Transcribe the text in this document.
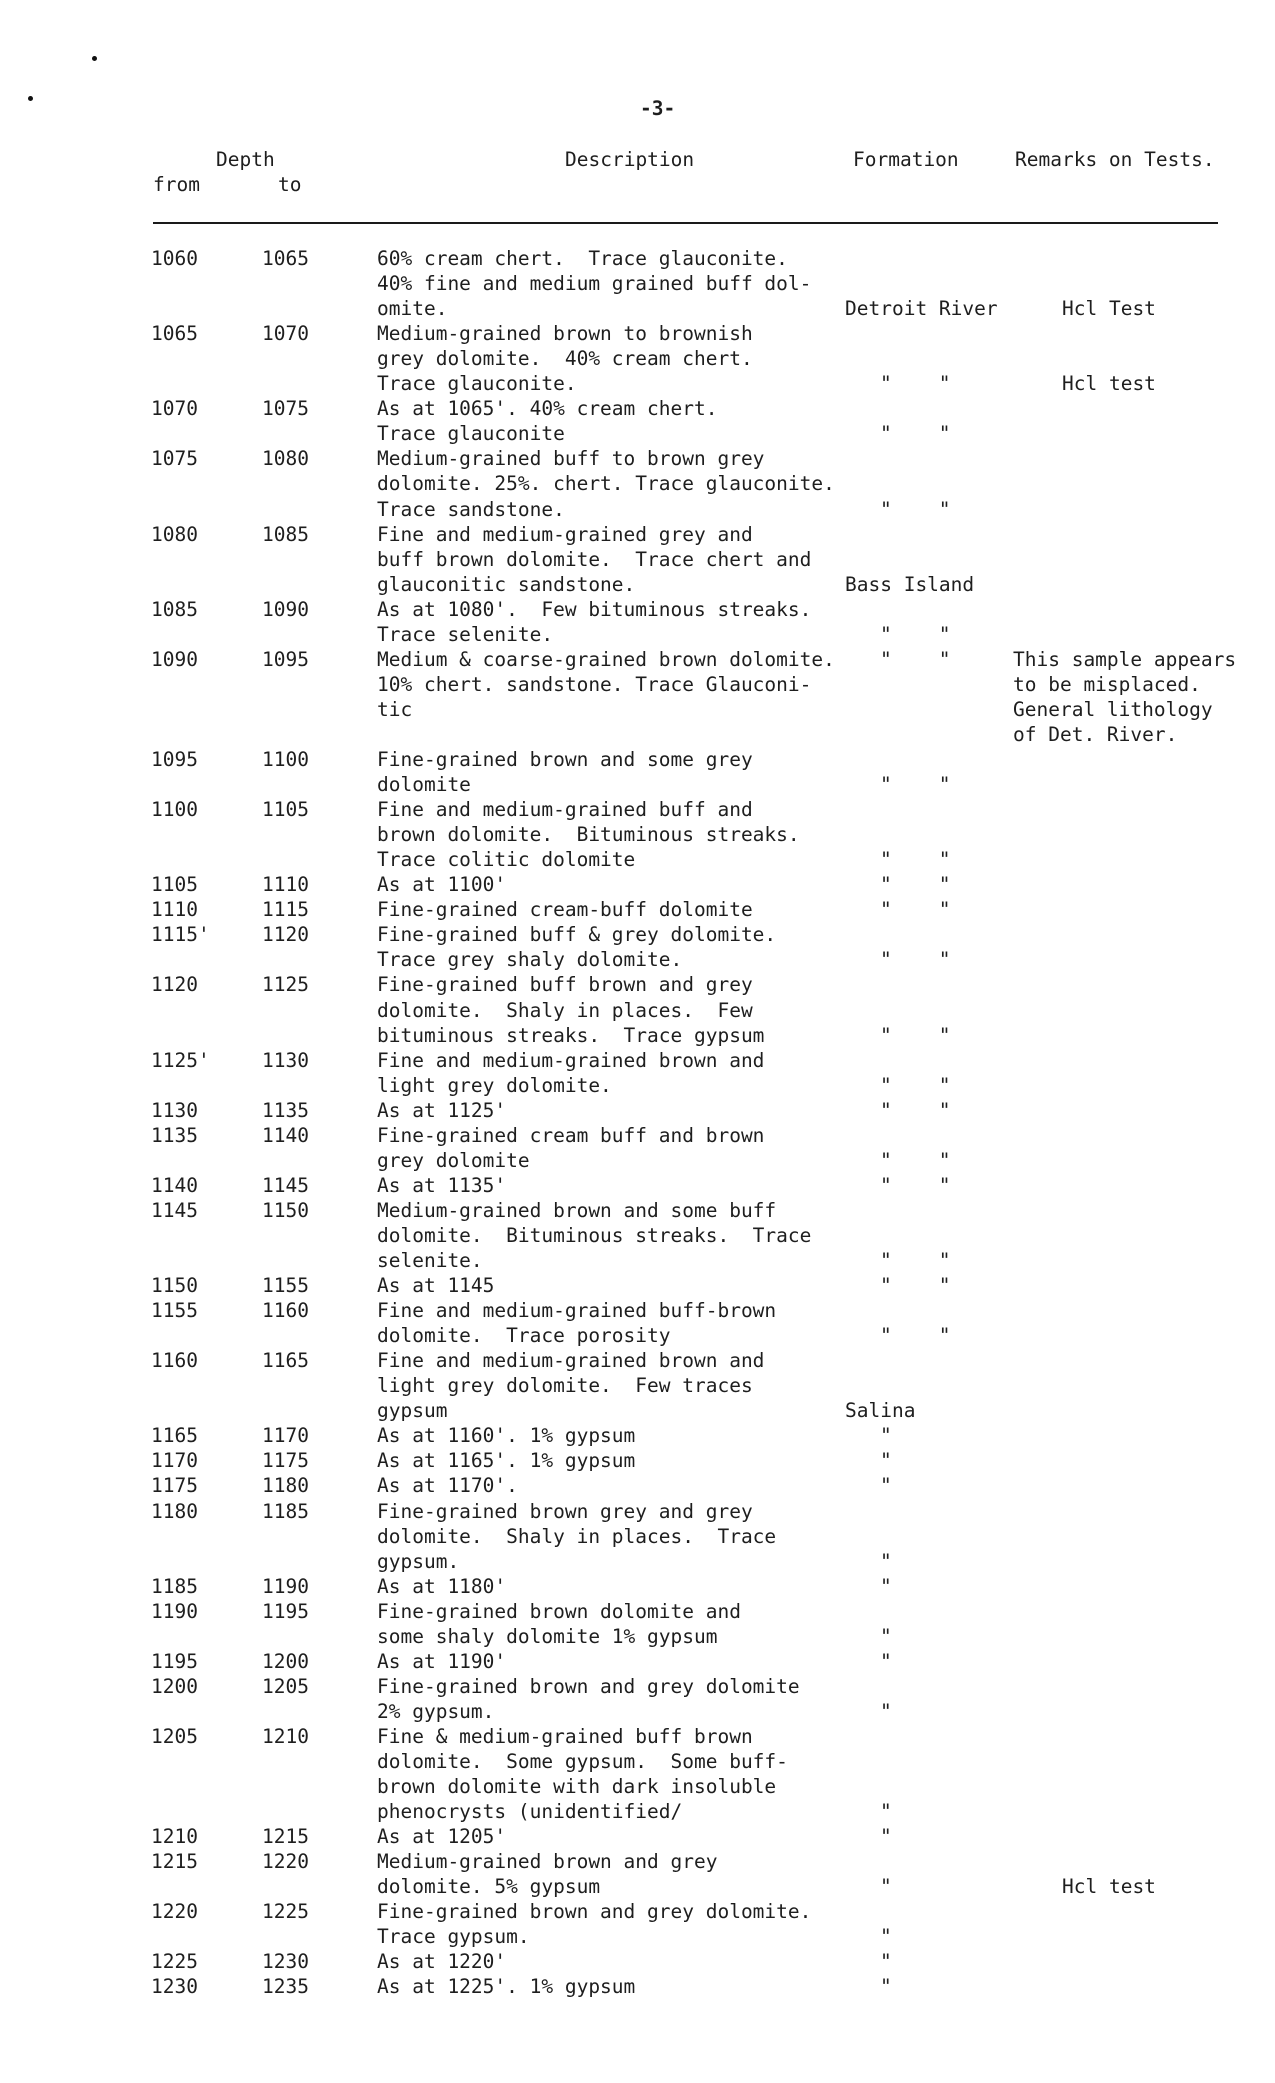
-3-
Depth
from	to
Description	Formation	Remarks on Tests.
1060	1065	60% cream chert.  Trace glauconite.
40% fine and medium grained buff dol-
omite.	Detroit River	Hcl Test
1065	1070	Medium-grained brown to brownish
grey dolomite.  40% cream chert.
Trace glauconite.	"    "	Hcl test
1070	1075	As at 1065'. 40% cream chert.
Trace glauconite	"    "
1075	1080	Medium-grained buff to brown grey
dolomite. 25%. chert. Trace glauconite.
Trace sandstone.	"    "
1080	1085	Fine and medium-grained grey and
buff brown dolomite.  Trace chert and
glauconitic sandstone.	Bass Island
1085	1090	As at 1080'.  Few bituminous streaks.
Trace selenite.	"    "
1090	1095	Medium & coarse-grained brown dolomite.
10% chert. sandstone. Trace Glauconi-
tic
"    "	This sample appears
to be misplaced.
General lithology
of Det. River.
1095	1100	Fine-grained brown and some grey
dolomite	"    "
1100	1105	Fine and medium-grained buff and
brown dolomite.  Bituminous streaks.
Trace colitic dolomite	"    "
1105	1110	As at 1100'	"    "
1110	1115	Fine-grained cream-buff dolomite	"    "
1115'	1120	Fine-grained buff & grey dolomite.
Trace grey shaly dolomite.	"    "
1120	1125	Fine-grained buff brown and grey
dolomite.  Shaly in places.  Few
bituminous streaks.  Trace gypsum	"    "
1125'	1130	Fine and medium-grained brown and
light grey dolomite.	"    "
1130	1135	As at 1125'	"    "
1135	1140	Fine-grained cream buff and brown
grey dolomite	"    "
1140	1145	As at 1135'	"    "
1145	1150	Medium-grained brown and some buff
dolomite.  Bituminous streaks.  Trace
selenite.	"    "
1150	1155	As at 1145	"    "
1155	1160	Fine and medium-grained buff-brown
dolomite.  Trace porosity	"    "
1160	1165	Fine and medium-grained brown and
light grey dolomite.  Few traces
gypsum	Salina
1165	1170	As at 1160'. 1% gypsum	"
1170	1175	As at 1165'. 1% gypsum	"
1175	1180	As at 1170'.	"
1180	1185	Fine-grained brown grey and grey
dolomite.  Shaly in places.  Trace
gypsum.	"
1185	1190	As at 1180'	"
1190	1195	Fine-grained brown dolomite and
some shaly dolomite 1% gypsum	"
1195	1200	As at 1190'	"
1200	1205	Fine-grained brown and grey dolomite
2% gypsum.	"
1205	1210	Fine & medium-grained buff brown
dolomite.  Some gypsum.  Some buff-
brown dolomite with dark insoluble
phenocrysts (unidentified/	"
1210	1215	As at 1205'	"
1215	1220	Medium-grained brown and grey
dolomite. 5% gypsum	"	Hcl test
1220	1225	Fine-grained brown and grey dolomite.
Trace gypsum.	"
1225	1230	As at 1220'	"
1230	1235	As at 1225'. 1% gypsum	"
